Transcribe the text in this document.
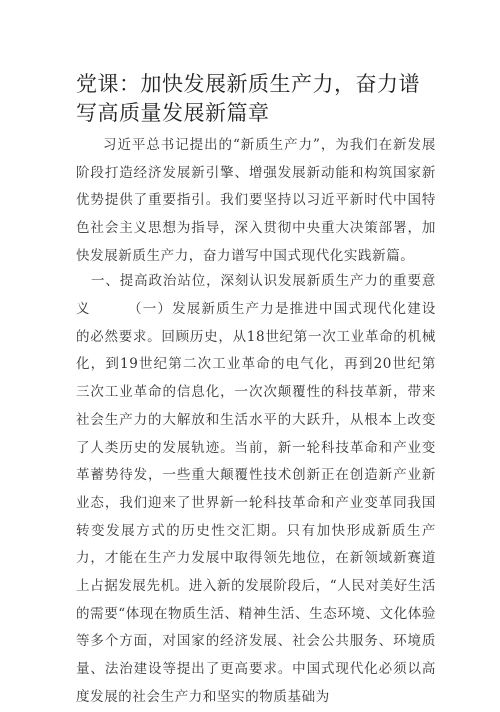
党课：加快发展新质生产力，奋力谱写高质量发展新篇章

习近平总书记提出的“新质生产力”，为我们在新发展阶段打造经济发展新引擎、增强发展新动能和构筑国家新优势提供了重要指引。我们要坚持以习近平新时代中国特色社会主义思想为指导，深入贯彻中央重大决策部署，加快发展新质生产力，奋力谱写中国式现代化实践新篇。

一、提高政治站位，深刻认识发展新质生产力的重要意义	（一）发展新质生产力是推进中国式现代化建设的必然要求。回顾历史，从18世纪第一次工业革命的机械化，到19世纪第二次工业革命的电气化，再到20世纪第三次工业革命的信息化，一次次颠覆性的科技革新，带来社会生产力的大解放和生活水平的大跃升，从根本上改变了人类历史的发展轨迹。当前，新一轮科技革命和产业变革蓄势待发，一些重大颠覆性技术创新正在创造新产业新业态，我们迎来了世界新一轮科技革命和产业变革同我国转变发展方式的历史性交汇期。只有加快形成新质生产力，才能在生产力发展中取得领先地位，在新领域新赛道上占据发展先机。进入新的发展阶段后，“人民对美好生活的需要“体现在物质生活、精神生活、生态环境、文化体验等多个方面，对国家的经济发展、社会公共服务、环境质量、法治建设等提出了更高要求。中国式现代化必须以高度发展的社会生产力和坚实的物质基础为
